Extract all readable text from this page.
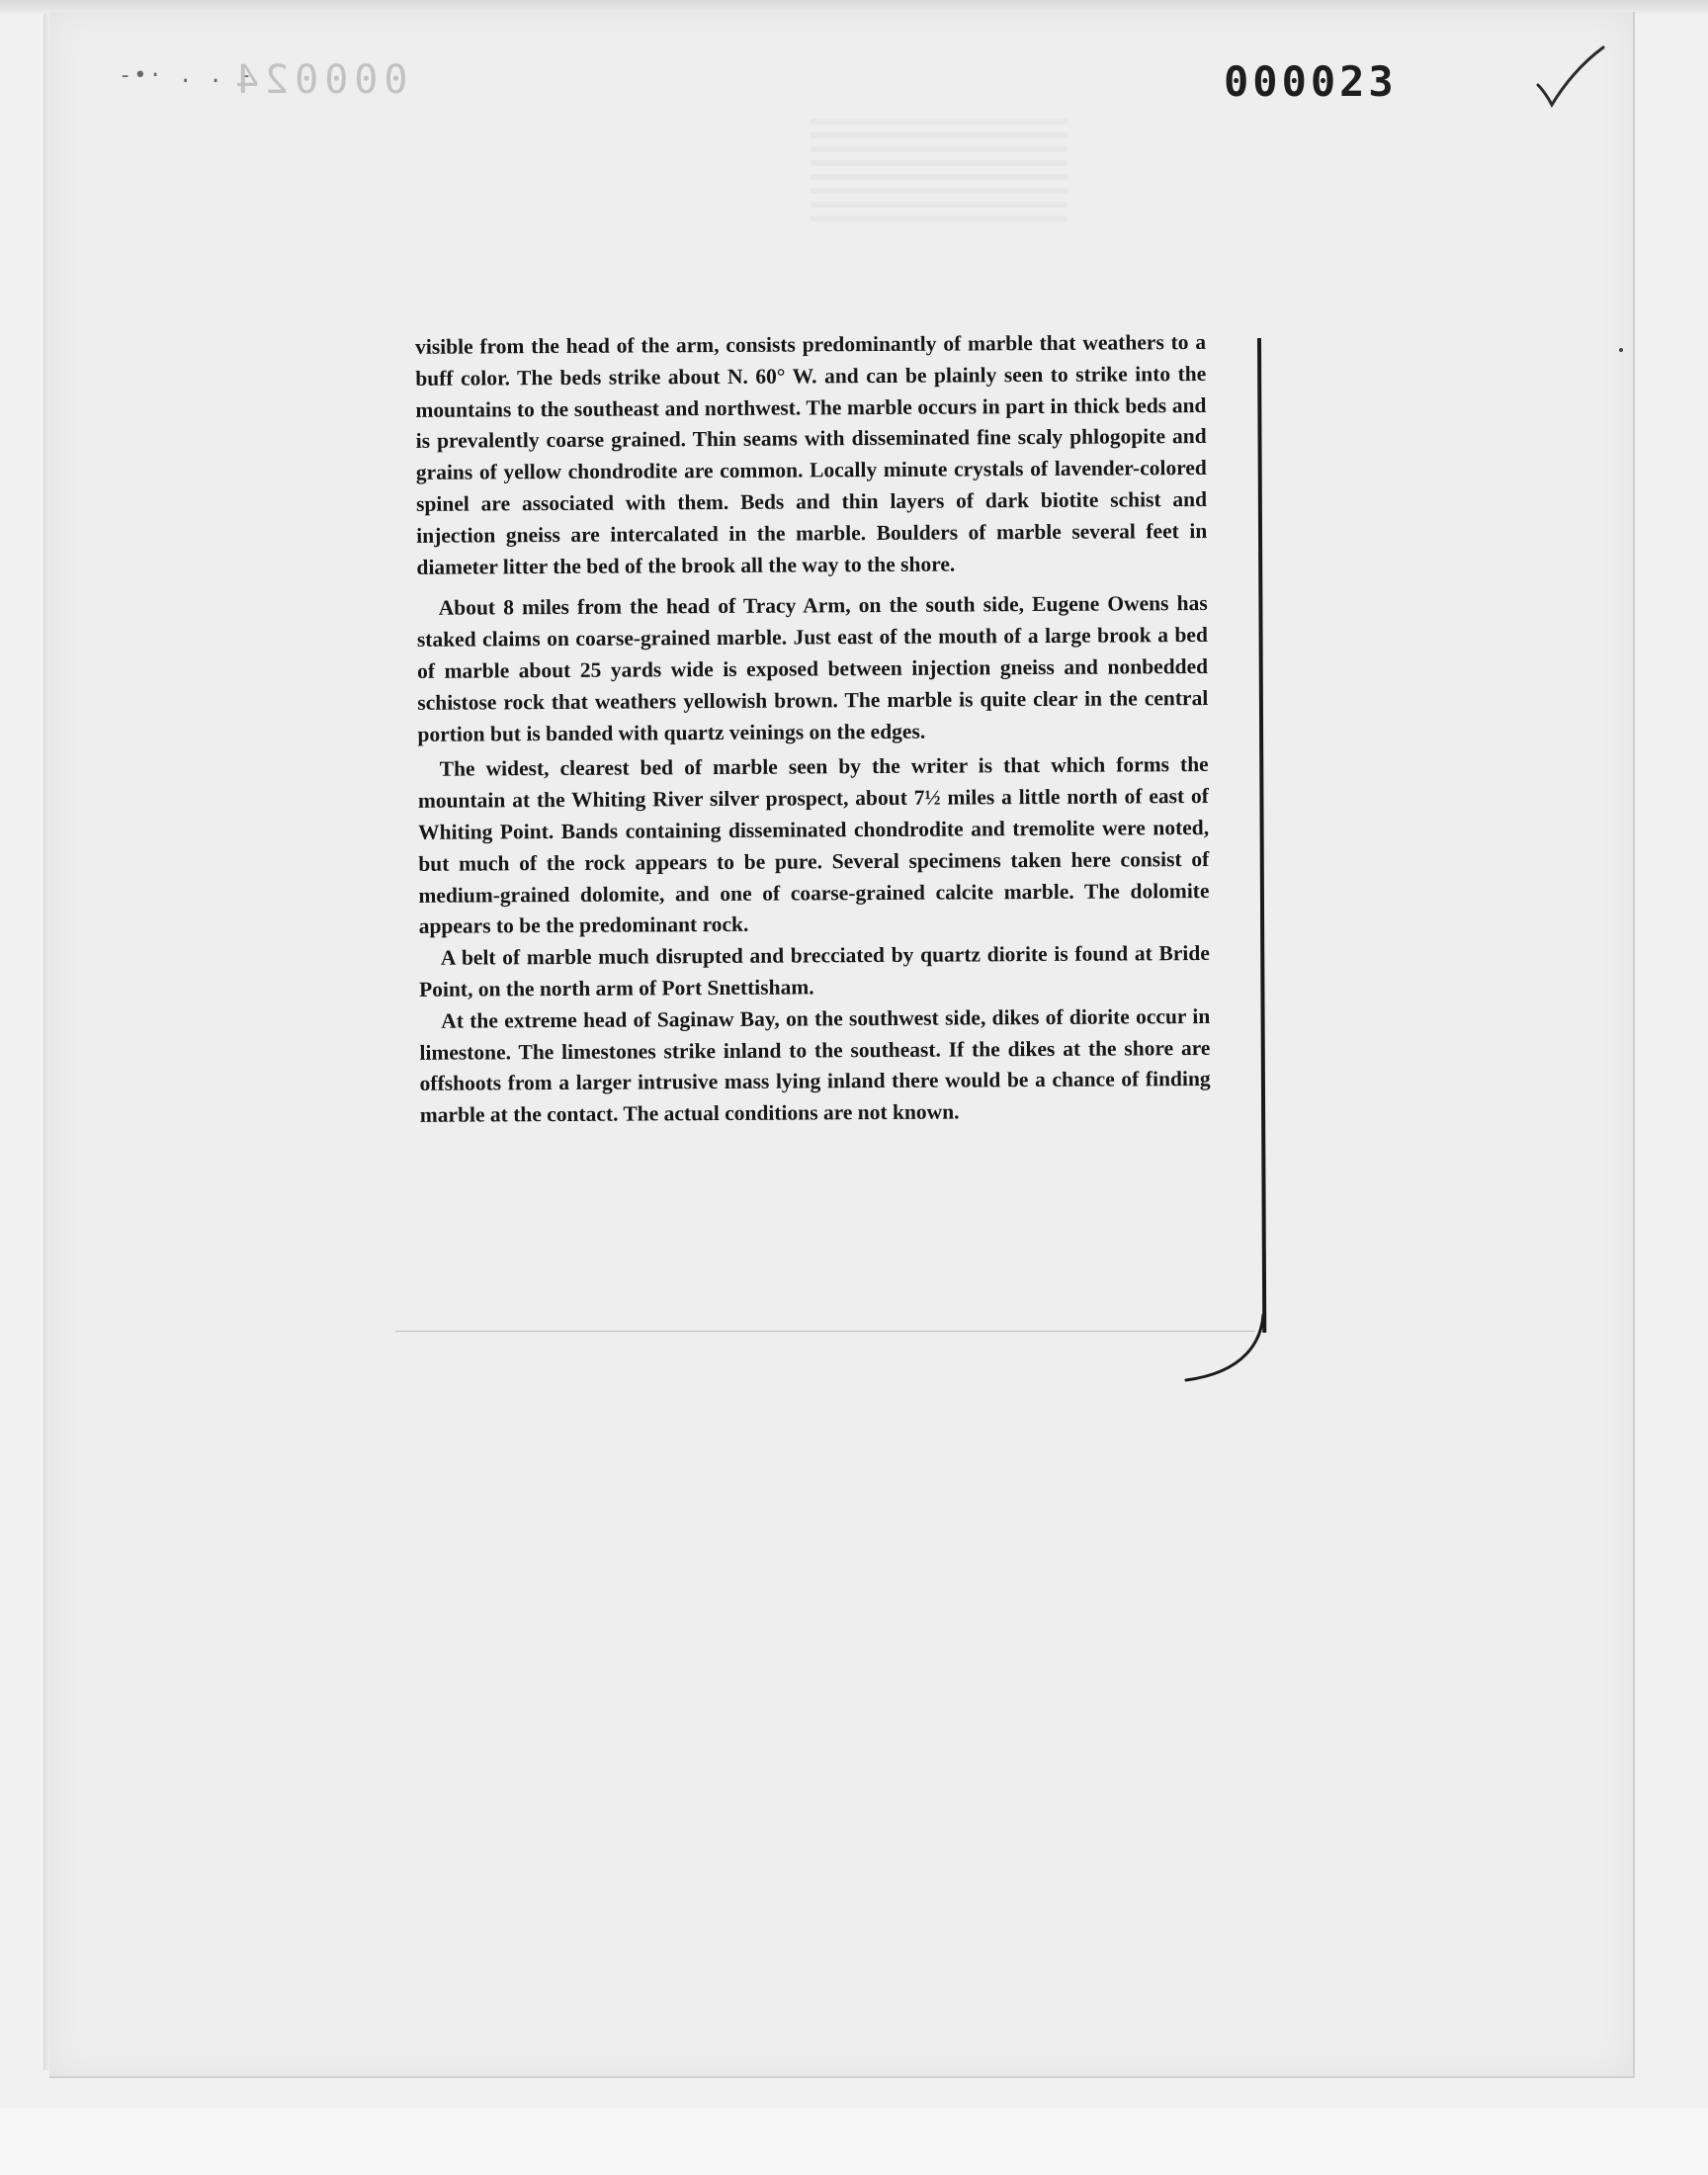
-•· . . -
000024	000023

visible from the head of the arm, consists predominantly of marble that weathers to a buff color. The beds strike about N. 60° W. and can be plainly seen to strike into the mountains to the southeast and northwest. The marble occurs in part in thick beds and is prevalently coarse grained. Thin seams with disseminated fine scaly phlogopite and grains of yellow chondrodite are common. Locally minute crystals of lavender-colored spinel are associated with them. Beds and thin layers of dark biotite schist and injection gneiss are intercalated in the marble. Boulders of marble several feet in diameter litter the bed of the brook all the way to the shore.

About 8 miles from the head of Tracy Arm, on the south side, Eugene Owens has staked claims on coarse-grained marble. Just east of the mouth of a large brook a bed of marble about 25 yards wide is exposed between injection gneiss and nonbedded schistose rock that weathers yellowish brown. The marble is quite clear in the central portion but is banded with quartz veinings on the edges.

The widest, clearest bed of marble seen by the writer is that which forms the mountain at the Whiting River silver prospect, about 7½ miles a little north of east of Whiting Point. Bands containing disseminated chondrodite and tremolite were noted, but much of the rock appears to be pure. Several specimens taken here consist of medium-grained dolomite, and one of coarse-grained calcite marble. The dolomite appears to be the predominant rock.

A belt of marble much disrupted and brecciated by quartz diorite is found at Bride Point, on the north arm of Port Snettisham.

At the extreme head of Saginaw Bay, on the southwest side, dikes of diorite occur in limestone. The limestones strike inland to the southeast. If the dikes at the shore are offshoots from a larger intrusive mass lying inland there would be a chance of finding marble at the contact. The actual conditions are not known.
